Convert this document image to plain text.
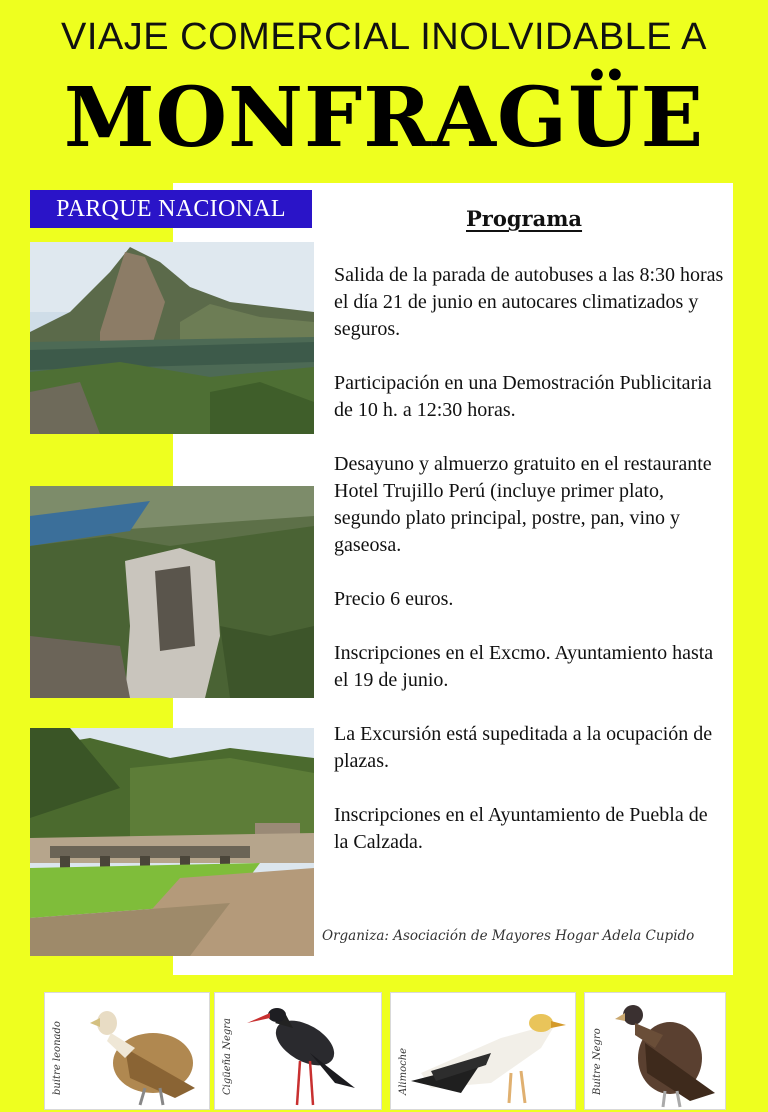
VIAJE COMERCIAL INOLVIDABLE A
MONFRAGÜE
PARQUE NACIONAL	Programa

Salida de la parada de autobuses a las 8:30 horas el día 21 de junio en autocares climatizados y seguros.

Participación en una Demostración Publicitaria de 10 h. a 12:30 horas.

Desayuno y almuerzo gratuito en el restaurante Hotel Trujillo Perú (incluye primer plato, segundo plato principal, postre, pan, vino y gaseosa.

Precio 6 euros.

Inscripciones en el Excmo. Ayuntamiento hasta el 19 de junio.

La Excursión está supeditada a la ocupación de plazas.

Inscripciones en el Ayuntamiento de Puebla de la Calzada.

Organiza: Asociación de Mayores Hogar Adela Cupido
buitre leonado	Cigüeña Negra	Alimoche	Buitre Negro
